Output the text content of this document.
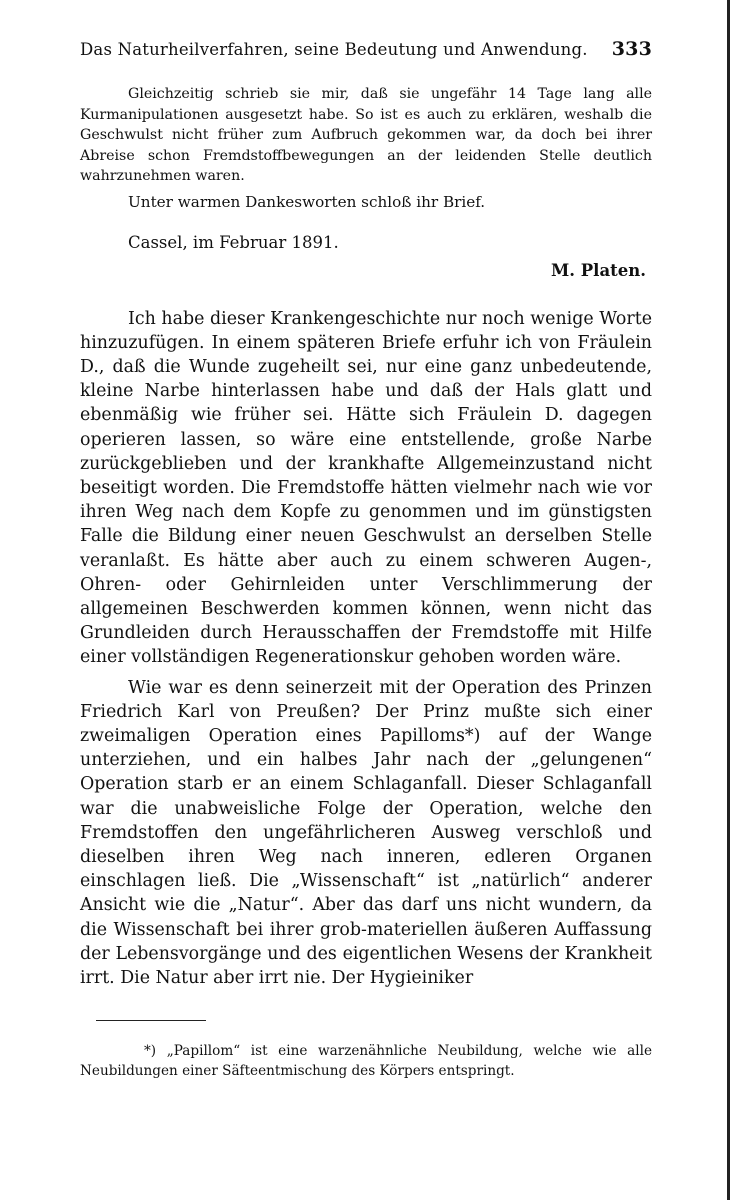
Das Naturheilverfahren, seine Bedeutung und Anwendung. 333
Gleichzeitig schrieb sie mir, daß sie ungefähr 14 Tage lang alle Kurmanipulationen ausgesetzt habe. So ist es auch zu erklären, weshalb die Geschwulst nicht früher zum Aufbruch gekommen war, da doch bei ihrer Abreise schon Fremdstoffbewegungen an der leidenden Stelle deutlich wahrzunehmen waren.
Unter warmen Dankesworten schloß ihr Brief.
Cassel, im Februar 1891.
M. Platen.

Ich habe dieser Krankengeschichte nur noch wenige Worte hinzuzufügen. In einem späteren Briefe erfuhr ich von Fräulein D., daß die Wunde zugeheilt sei, nur eine ganz unbedeutende, kleine Narbe hinterlassen habe und daß der Hals glatt und ebenmäßig wie früher sei. Hätte sich Fräulein D. dagegen operieren lassen, so wäre eine entstellende, große Narbe zurückgeblieben und der krankhafte Allgemeinzustand nicht beseitigt worden. Die Fremdstoffe hätten vielmehr nach wie vor ihren Weg nach dem Kopfe zu genommen und im günstigsten Falle die Bildung einer neuen Geschwulst an derselben Stelle veranlaßt. Es hätte aber auch zu einem schweren Augen-, Ohren- oder Gehirnleiden unter Verschlimmerung der allgemeinen Beschwerden kommen können, wenn nicht das Grundleiden durch Herausschaffen der Fremdstoffe mit Hilfe einer vollständigen Regenerationskur gehoben worden wäre.

Wie war es denn seinerzeit mit der Operation des Prinzen Friedrich Karl von Preußen? Der Prinz mußte sich einer zweimaligen Operation eines Papilloms*) auf der Wange unterziehen, und ein halbes Jahr nach der „gelungenen“ Operation starb er an einem Schlaganfall. Dieser Schlaganfall war die unabweisliche Folge der Operation, welche den Fremdstoffen den ungefährlicheren Ausweg verschloß und dieselben ihren Weg nach inneren, edleren Organen einschlagen ließ. Die „Wissenschaft“ ist „natürlich“ anderer Ansicht wie die „Natur“. Aber das darf uns nicht wundern, da die Wissenschaft bei ihrer grob-materiellen äußeren Auffassung der Lebensvorgänge und des eigentlichen Wesens der Krankheit irrt. Die Natur aber irrt nie. Der Hygieiniker

*) „Papillom“ ist eine warzenähnliche Neubildung, welche wie alle Neubildungen einer Säfteentmischung des Körpers entspringt.
